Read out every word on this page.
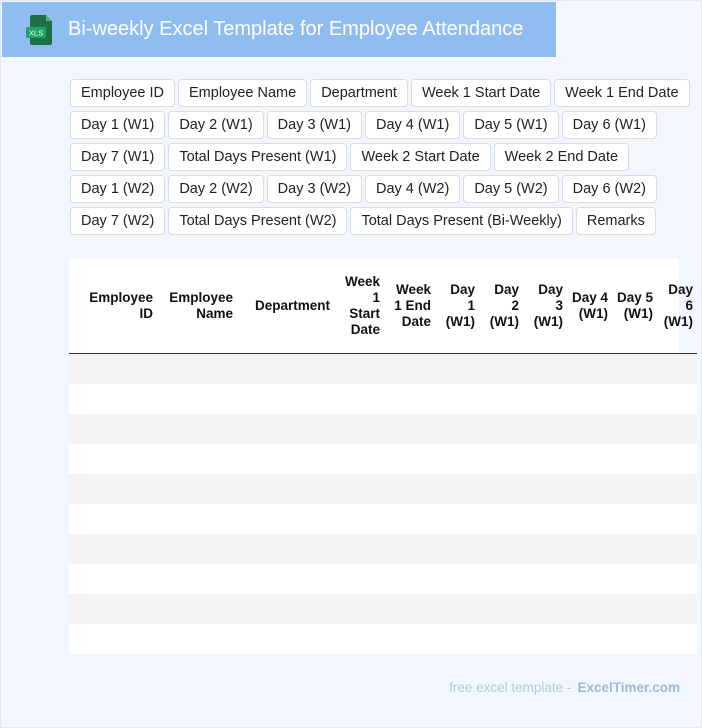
XLS Bi-weekly Excel Template for Employee Attendance
Employee ID	Employee Name	Department	Week 1 Start Date	Week 1 End Date
Day 1 (W1)	Day 2 (W1)	Day 3 (W1)	Day 4 (W1)	Day 5 (W1)	Day 6 (W1)
Day 7 (W1)	Total Days Present (W1)	Week 2 Start Date	Week 2 End Date
Day 1 (W2)	Day 2 (W2)	Day 3 (W2)	Day 4 (W2)	Day 5 (W2)	Day 6 (W2)
Day 7 (W2)	Total Days Present (W2)	Total Days Present (Bi-Weekly)	Remarks
Employee ID	Employee Name	Department	Week 1 Start Date	Week 1 End Date	Day 1 (W1)	Day 2 (W1)	Day 3 (W1)	Day 4 (W1)	Day 5 (W1)	Day 6 (W1)

free excel template - ExcelTimer.com
